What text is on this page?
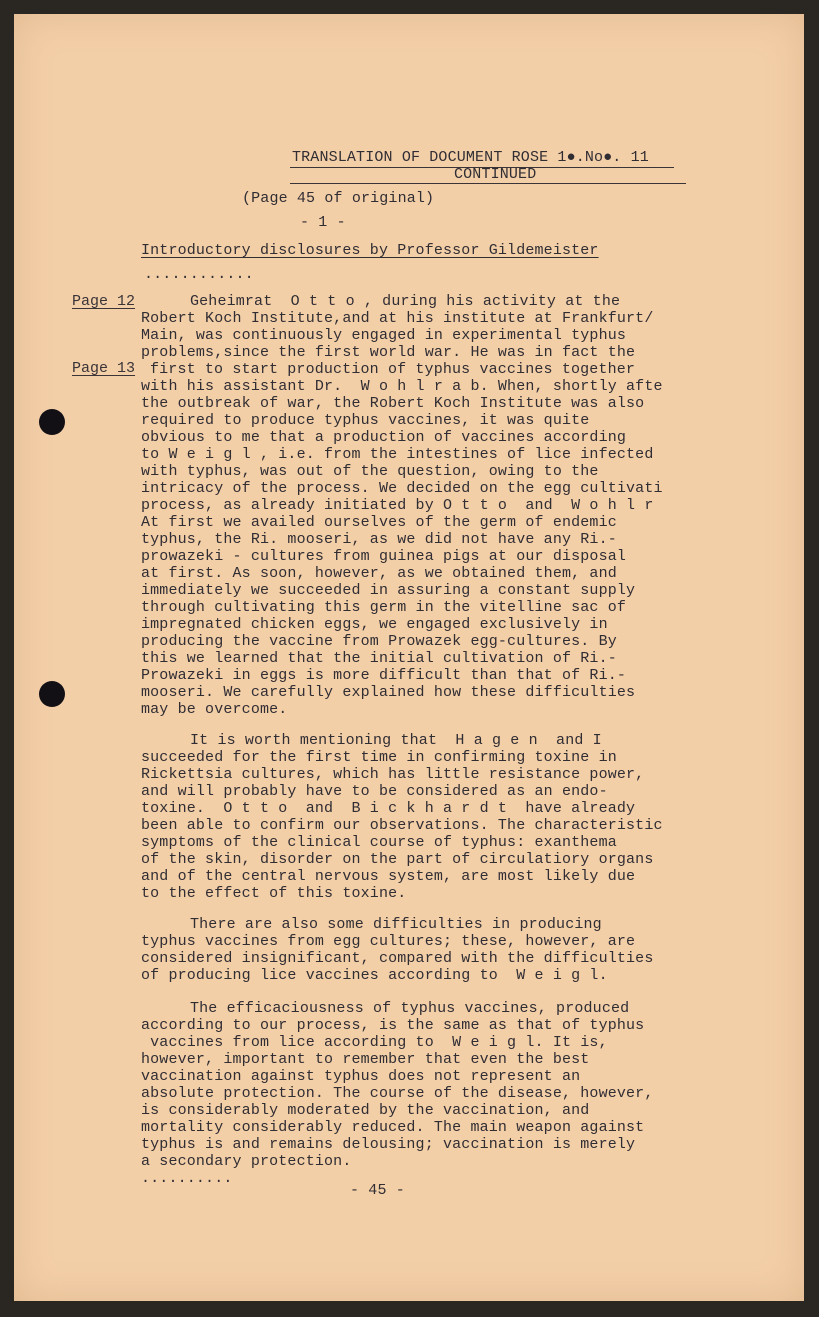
TRANSLATION OF DOCUMENT ROSE 1●.No●. 11
CONTINUED
(Page 45 of original)
- 1 -
Introductory disclosures by Professor Gildemeister
............
Page 12
Page 13
Geheimrat  O t t o , during his activity at the
Robert Koch Institute,and at his institute at Frankfurt/
Main, was continuously engaged in experimental typhus
problems,since the first world war. He was in fact the
first to start production of typhus vaccines together
with his assistant Dr.  W o h l r a b. When, shortly afte
the outbreak of war, the Robert Koch Institute was also
required to produce typhus vaccines, it was quite
obvious to me that a production of vaccines according
to W e i g l , i.e. from the intestines of lice infected
with typhus, was out of the question, owing to the
intricacy of the process. We decided on the egg cultivati
process, as already initiated by O t t o  and  W o h l r
At first we availed ourselves of the germ of endemic
typhus, the Ri. mooseri, as we did not have any Ri.-
prowazeki - cultures from guinea pigs at our disposal
at first. As soon, however, as we obtained them, and
immediately we succeeded in assuring a constant supply
through cultivating this germ in the vitelline sac of
impregnated chicken eggs, we engaged exclusively in
producing the vaccine from Prowazek egg-cultures. By
this we learned that the initial cultivation of Ri.-
Prowazeki in eggs is more difficult than that of Ri.-
mooseri. We carefully explained how these difficulties
may be overcome.
It is worth mentioning that  H a g e n  and I
succeeded for the first time in confirming toxine in
Rickettsia cultures, which has little resistance power,
and will probably have to be considered as an endo-
toxine.  O t t o  and  B i c k h a r d t  have already
been able to confirm our observations. The characteristic
symptoms of the clinical course of typhus: exanthema
of the skin, disorder on the part of circulatiory organs
and of the central nervous system, are most likely due
to the effect of this toxine.
There are also some difficulties in producing
typhus vaccines from egg cultures; these, however, are
considered insignificant, compared with the difficulties
of producing lice vaccines according to  W e i g l.
The efficaciousness of typhus vaccines, produced
according to our process, is the same as that of typhus
vaccines from lice according to  W e i g l. It is,
however, important to remember that even the best
vaccination against typhus does not represent an
absolute protection. The course of the disease, however,
is considerably moderated by the vaccination, and
mortality considerably reduced. The main weapon against
typhus is and remains delousing; vaccination is merely
a secondary protection.
..........
- 45 -
